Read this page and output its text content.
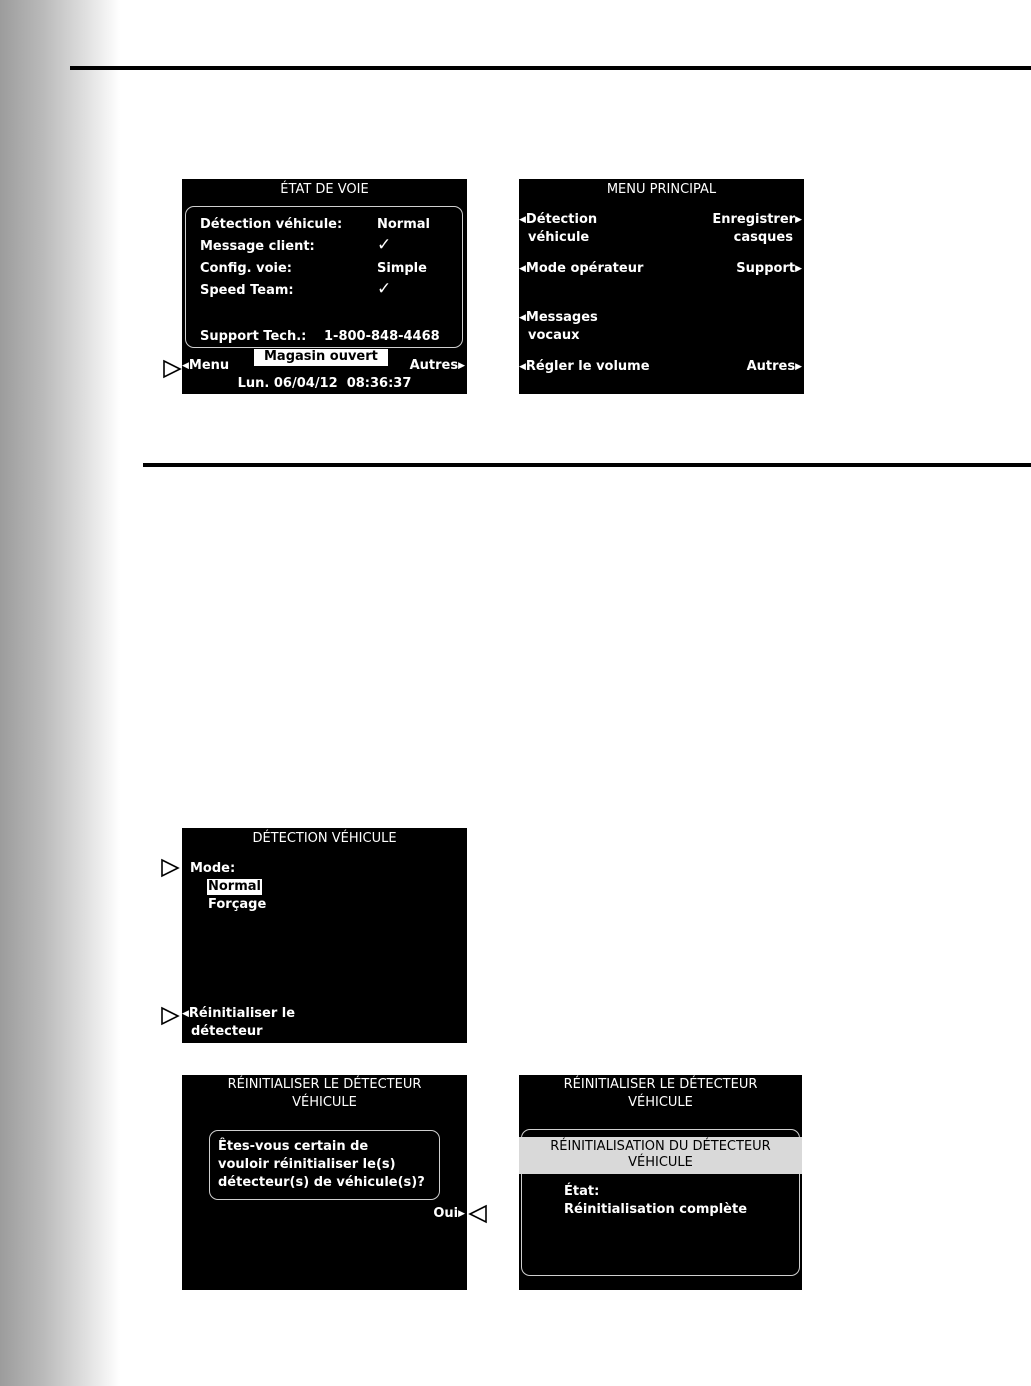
ÉTAT DE VOIE
Détection véhicule:	Normal
Message client:	✓
Config. voie:	Simple
Speed Team:	✓
Support Tech.: 1-800-848-4468
◀ Menu
Magasin ouvert
Autres ▶
Lun. 06/04/12  08:36:37
MENU PRINCIPAL
◀ Détection
véhicule
◀ Mode opérateur
◀ Messages
vocaux
◀ Régler le volume
Enregistrer ▶
casques
Support ▶
Autres ▶
DÉTECTION VÉHICULE
Mode:
Normal
Forçage
◀ Réinitialiser le
détecteur
RÉINITIALISER LE DÉTECTEUR
VÉHICULE
Êtes-vous certain de
vouloir réinitialiser le(s)
détecteur(s) de véhicule(s)?
Oui ▶
RÉINITIALISER LE DÉTECTEUR
VÉHICULE
RÉINITIALISATION DU DÉTECTEUR
VÉHICULE
État:
Réinitialisation complète
